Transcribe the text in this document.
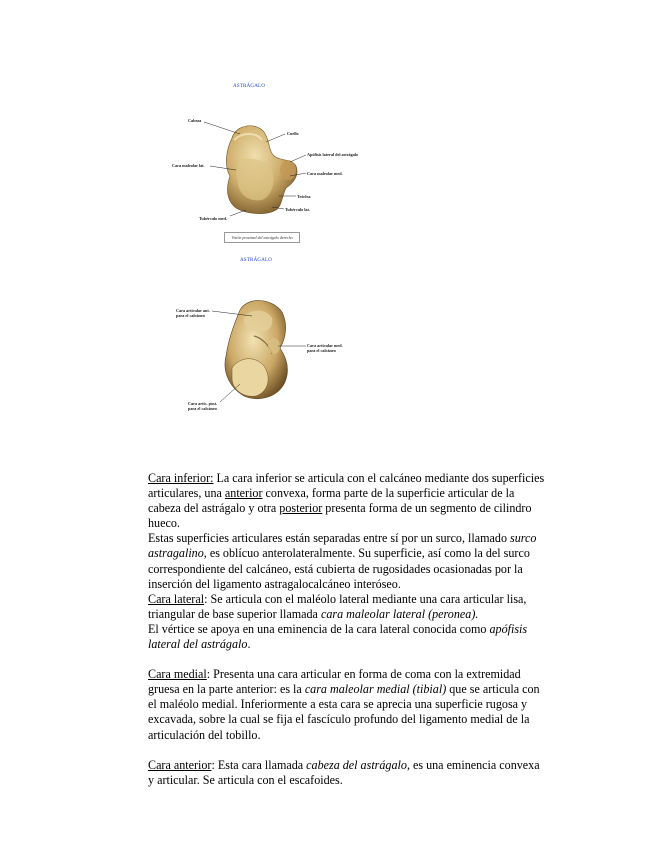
ASTRÁGALO
Cabeza
Cuello
Apófisis lateral del astrágalo
Cara maleolar lat.
Cara maleolar med.
Tróclea
Tubérculo lat.
Tubérculo med.
Visión proximal del astrágalo derecho
ASTRÁGALO
Cara articular ant.
para el calcáneo
Cara articular med.
para el calcáneo
Cara artic. post.
para el calcáneo

Cara inferior: La cara inferior se articula con el calcáneo mediante dos superficies articulares, una anterior convexa, forma parte de la superficie articular de la cabeza del astrágalo y otra posterior presenta forma de un segmento de cilindro hueco.

Estas superficies articulares están separadas entre sí por un surco, llamado surco astragalino, es oblícuo anterolateralmente. Su superficie, así como la del surco correspondiente del calcáneo, está cubierta de rugosidades ocasionadas por la inserción del ligamento astragalocalcáneo interóseo.

Cara lateral: Se articula con el maléolo lateral mediante una cara articular lisa, triangular de base superior llamada cara maleolar lateral (peronea).

El vértice se apoya en una eminencia de la cara lateral conocida como apófisis lateral del astrágalo.

Cara medial: Presenta una cara articular en forma de coma con la extremidad gruesa en la parte anterior: es la cara maleolar medial (tibial) que se articula con el maléolo medial. Inferiormente a esta cara se aprecia una superficie rugosa y excavada, sobre la cual se fija el fascículo profundo del ligamento medial de la articulación del tobillo.

Cara anterior: Esta cara llamada cabeza del astrágalo, es una eminencia convexa y articular. Se articula con el escafoides.
